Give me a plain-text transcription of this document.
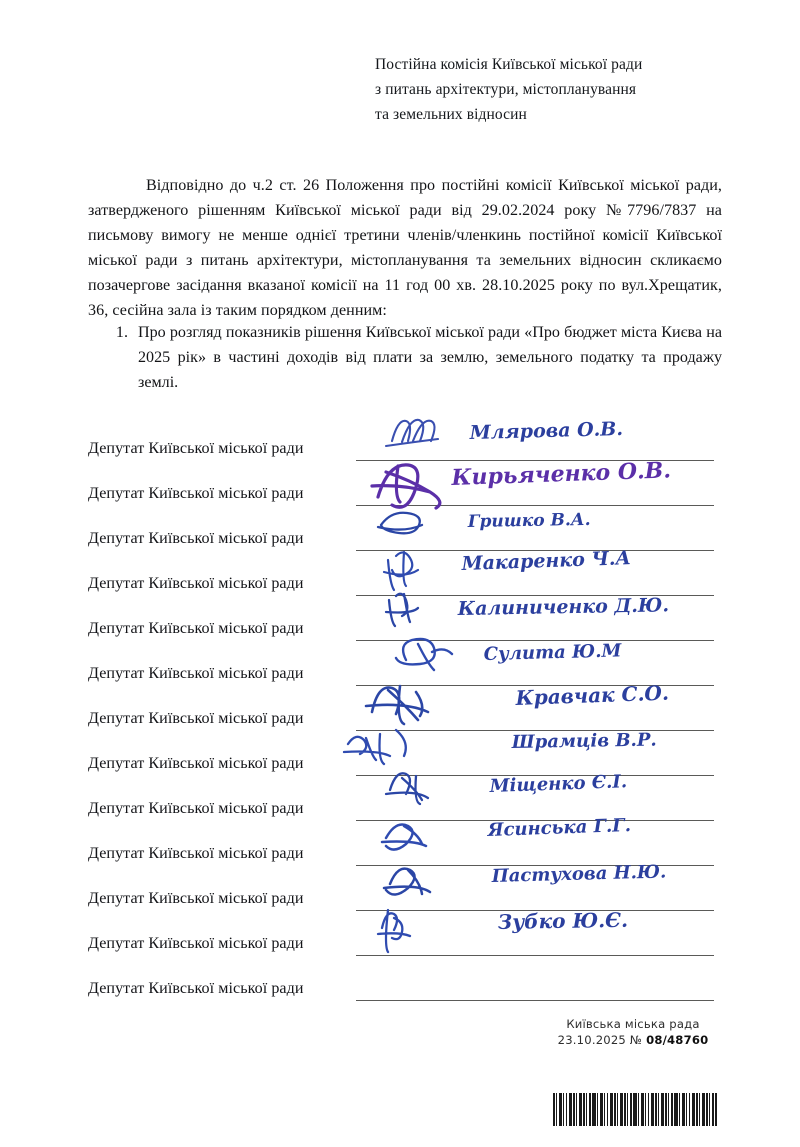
Постійна комісія Київської міської ради
з питань архітектури, містопланування
та земельних відносин

Відповідно до ч.2 ст. 26 Положення про постійні комісії Київської міської ради, затвердженого рішенням Київської міської ради від 29.02.2024 року №7796/7837 на письмову вимогу не менше однієї третини членів/членкинь постійної комісії Київської міської ради з питань архітектури, містопланування та земельних відносин скликаємо позачергове засідання вказаної комісії на 11 год 00 хв. 28.10.2025 року по вул.Хрещатик, 36, сесійна зала із таким порядком денним:

1. Про розгляд показників рішення Київської міської ради «Про бюджет міста Києва на 2025 рік» в частині доходів від плати за землю, земельного податку та продажу землі.
Депутат Київської міської ради
Депутат Київської міської ради
Депутат Київської міської ради
Депутат Київської міської ради
Депутат Київської міської ради
Депутат Київської міської ради
Депутат Київської міської ради
Депутат Київської міської ради
Депутат Київської міської ради
Депутат Київської міської ради
Депутат Київської міської ради
Депутат Київської міської ради
Депутат Київської міської ради
Млярова О.В.
Кирьяченко О.В.
Гришко В.А.
Макаренко Ч.А
Калиниченко Д.Ю.
Сулита Ю.М
Кравчак С.О.
Шрамців В.Р.
Міщенко Є.І.
Ясинська Г.Г.
Пастухова Н.Ю.
Зубко Ю.Є.
Київська міська рада
23.10.2025 № 08/48760
